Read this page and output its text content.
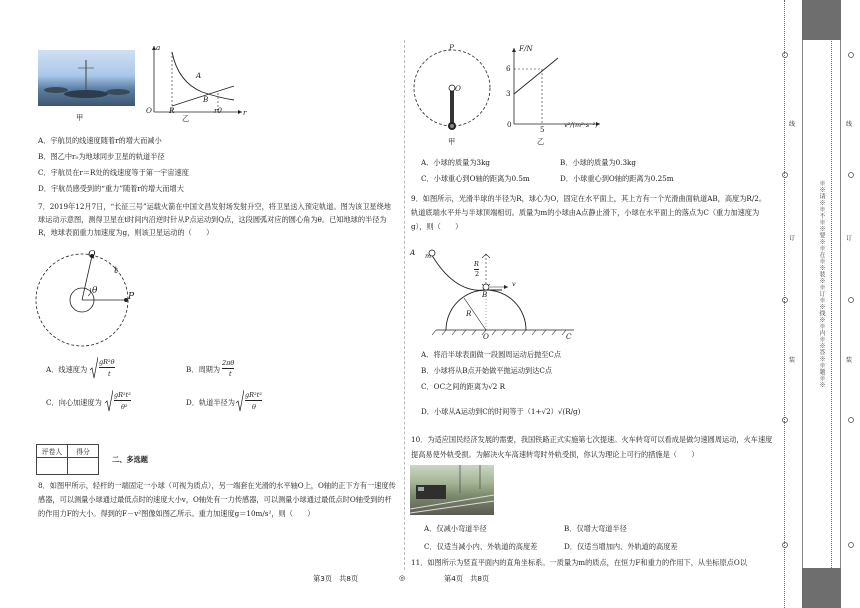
甲
a
O	r
A
B
R	r0
乙
A．宇航员的线速度随着r的增大而减小
B．图乙中r₀为地球同步卫星的轨道半径
C．宇航员在r＝R处的线速度等于第一宇宙速度
D．宇航员感受到的“重力”随着r的增大而增大
7．2019年12月7日，“长征三号”运载火箭在中国文昌发射场发射升空，将卫星送入预定轨道。图为该卫星绕地球运动示意图，测得卫星在t时间内沿逆时针从P点运动到Q点，这段圆弧对应的圆心角为θ。已知地球的半径为R，地球表面重力加速度为g，则该卫星运动的（　　）
Q
t
θ
P
A．线速度为
gR²θ
t	B．周期为
2πθ
t
C．向心加速度为
gR²t²
θ²	D．轨道半径为
gR²t²
θ
评卷人	得分

二、多选题
8．如图甲所示，轻杆的一端固定一小球（可视为质点），另一端套在光滑的水平轴O上，O轴的正下方有一速度传感器，可以测量小球通过最低点时的速度大小v，O轴处有一力传感器，可以测量小球通过最低点时O轴受到的杆的作用力F的大小。得到的F－v²图像如图乙所示。重力加速度g＝10m/s²，则（　　）
第3页　共8页	◎	第4页　共8页
P
O
甲
F/N
6
3
0
5	v²/(m²·s⁻²)
乙
A．小球的质量为3kg	B．小球的质量为0.3kg
C．小球重心到O轴的距离为0.5m	D．小球重心到O轴的距离为0.25m
9．如图所示，光滑半球的半径为R，球心为O，固定在水平面上，其上方有一个光滑曲面轨道AB，高度为R/2。轨道底端水平并与半球顶端相切。质量为m的小球由A点静止滑下，小球在水平面上的落点为C（重力加速度为g），则（　　）
A m
R
2
B
v
R
O	C
A．将沿半球表面做一段圆周运动后抛至C点
B．小球将从B点开始做平抛运动到达C点
C．OC之间的距离为√2 R
D．小球从A运动到C的时间等于（1+√2）√(R/g)
10．为适应国民经济发展的需要，我国铁路正式实施第七次提速。火车转弯可以看成是做匀速圆周运动，火车速度提高易使外轨受损。为解决火车高速转弯时外轨受损，你认为理论上可行的措施是（　　）
A．仅减小弯道半径	B．仅增大弯道半径
C．仅适当减小内、外轨道的高度差	D．仅适当增加内、外轨道的高度差
11．如图所示为竖直平面内的直角坐标系。一质量为m的质点，在恒力F和重力的作用下，从坐标原点O以
※※请※※不※※要※※在※※装※※订※※线※※内※※答※※题※※
线
订
装
线
订
装
